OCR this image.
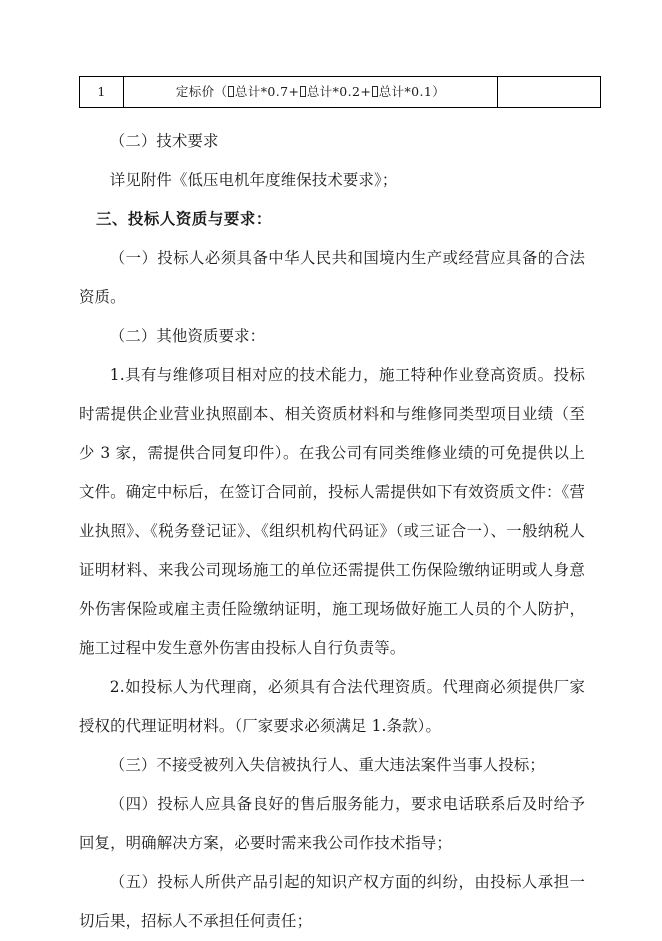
1	定标价（ 总计*0.7+ 总计*0.2+ 总计*0.1）	

（二）技术要求

详见附件《低压电机年度维保技术要求》；

三、投标人资质与要求：

（一）投标人必须具备中华人民共和国境内生产或经营应具备的合法资质。

（二）其他资质要求：

1.具有与维修项目相对应的技术能力，施工特种作业登高资质。投标时需提供企业营业执照副本、相关资质材料和与维修同类型项目业绩（至少 3 家，需提供合同复印件）。在我公司有同类维修业绩的可免提供以上文件。确定中标后，在签订合同前，投标人需提供如下有效资质文件：《营业执照》、《税务登记证》、《组织机构代码证》（或三证合一）、一般纳税人证明材料、来我公司现场施工的单位还需提供工伤保险缴纳证明或人身意外伤害保险或雇主责任险缴纳证明，施工现场做好施工人员的个人防护，施工过程中发生意外伤害由投标人自行负责等。

2.如投标人为代理商，必须具有合法代理资质。代理商必须提供厂家授权的代理证明材料。（厂家要求必须满足 1.条款）。

（三）不接受被列入失信被执行人、重大违法案件当事人投标；

（四）投标人应具备良好的售后服务能力，要求电话联系后及时给予回复，明确解决方案，必要时需来我公司作技术指导；

（五）投标人所供产品引起的知识产权方面的纠纷，由投标人承担一切后果，招标人不承担任何责任；
